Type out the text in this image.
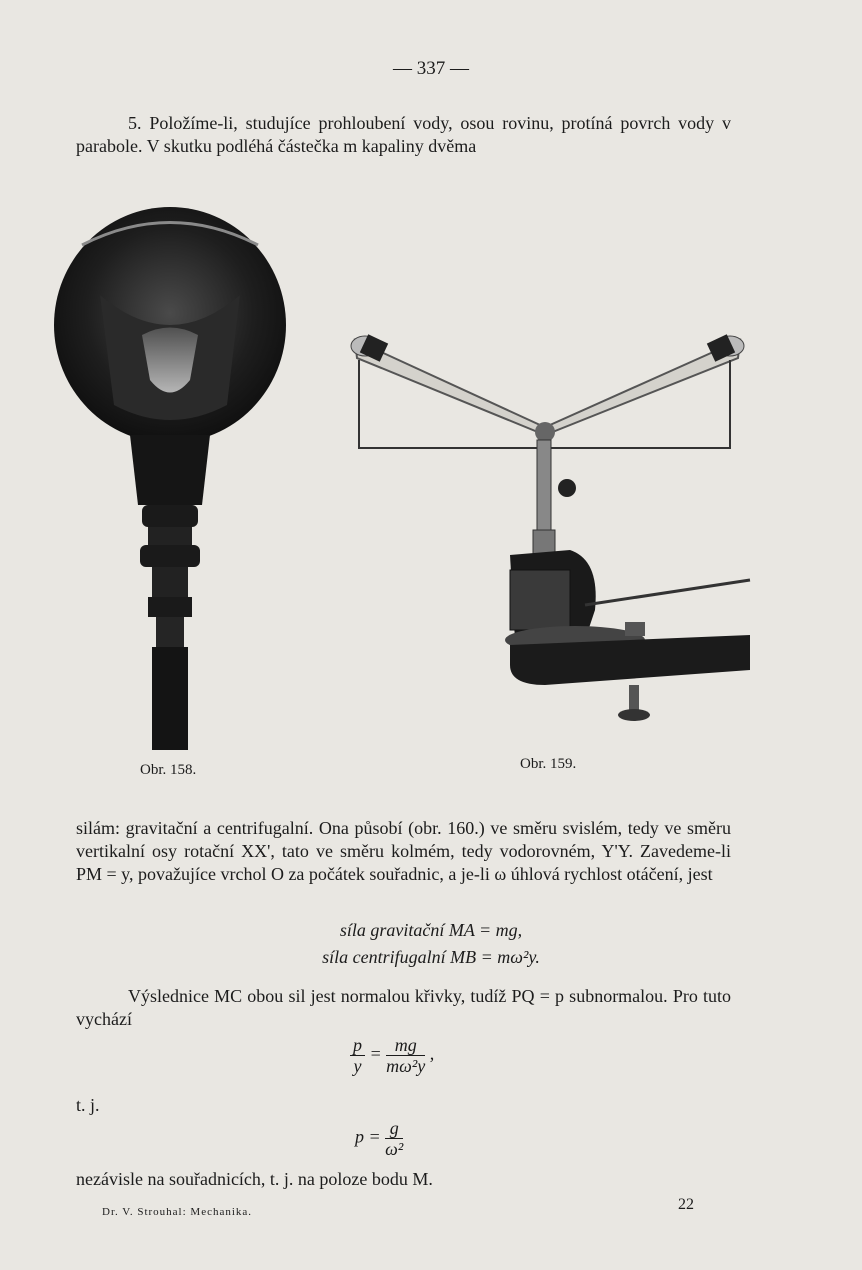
— 337 —
5. Položíme-li, studujíce prohloubení vody, osou rovinu, protíná povrch vody v parabole. V skutku podléhá částečka m kapaliny dvěma
Obr. 158.	Obr. 159.
silám: gravitační a centrifugalní. Ona působí (obr. 160.) ve směru svislém, tedy ve směru vertikalní osy rotační XX', tato ve směru kolmém, tedy vodorovném, Y'Y. Zavedeme-li PM = y, považujíce vrchol O za počátek souřadnic, a je-li ω úhlová rychlost otáčení, jest
síla gravitační MA = mg,
síla centrifugalní MB = mω²y.
Výslednice MC obou sil jest normalou křivky, tudíž PQ = p subnormalou. Pro tuto vychází
$\frac{p}{y} = \frac{mg}{\text{mω²y}}$ ,
t. j.
$p = \frac{g}{\text{ω²}}$
nezávisle na souřadnicích, t. j. na poloze bodu M.
Dr. V. Strouhal: Mechanika.	22
